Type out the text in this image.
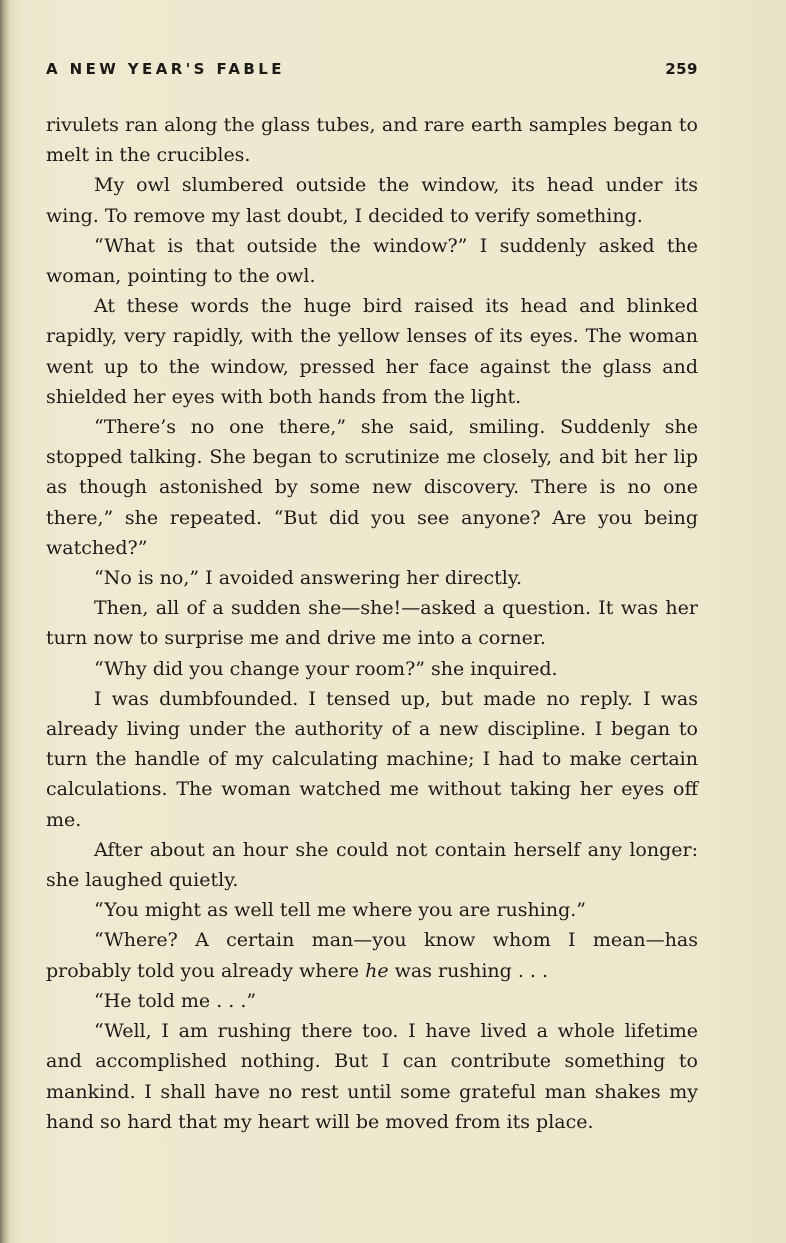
A NEW YEAR'S FABLE	259

rivulets ran along the glass tubes, and rare earth samples began to melt in the crucibles.

My owl slumbered outside the window, its head under its wing. To remove my last doubt, I decided to verify something.

“What is that outside the window?” I suddenly asked the woman, pointing to the owl.

At these words the huge bird raised its head and blinked rapidly, very rapidly, with the yellow lenses of its eyes. The woman went up to the window, pressed her face against the glass and shielded her eyes with both hands from the light.

“There’s no one there,” she said, smiling. Suddenly she stopped talking. She began to scrutinize me closely, and bit her lip as though astonished by some new discovery. There is no one there,” she repeated. “But did you see anyone? Are you being watched?”

“No is no,” I avoided answering her directly.

Then, all of a sudden she—she!—asked a question. It was her turn now to surprise me and drive me into a corner.

“Why did you change your room?” she inquired.

I was dumbfounded. I tensed up, but made no reply. I was already living under the authority of a new discipline. I began to turn the handle of my calculating machine; I had to make certain calculations. The woman watched me without taking her eyes off me.

After about an hour she could not contain herself any longer: she laughed quietly.

“You might as well tell me where you are rushing.”

“Where? A certain man—you know whom I mean—has probably told you already where he was rushing . . .

“He told me . . .”

“Well, I am rushing there too. I have lived a whole lifetime and accomplished nothing. But I can contribute something to mankind. I shall have no rest until some grateful man shakes my hand so hard that my heart will be moved from its place.
